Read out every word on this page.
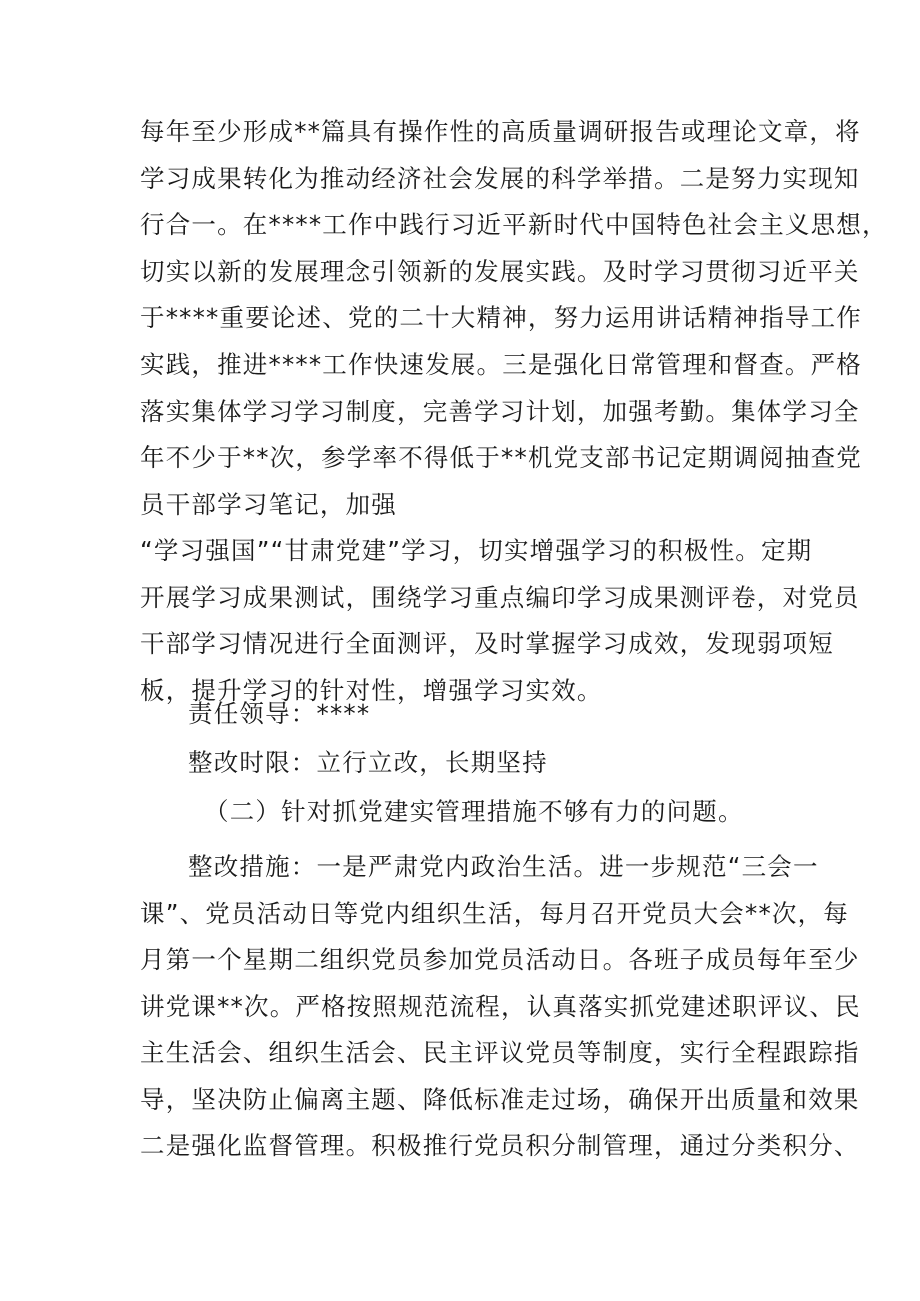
每年至少形成**篇具有操作性的高质量调研报告或理论文章，将

学习成果转化为推动经济社会发展的科学举措。二是努力实现知

行合一。在****工作中践行习近平新时代中国特色社会主义思想，

切实以新的发展理念引领新的发展实践。及时学习贯彻习近平关

于****重要论述、党的二十大精神，努力运用讲话精神指导工作

实践，推进****工作快速发展。三是强化日常管理和督查。严格

落实集体学习学习制度，完善学习计划，加强考勤。集体学习全

年不少于**次，参学率不得低于**机党支部书记定期调阅抽查党

员干部学习笔记，加强

“学习强国”“甘肃党建”学习，切实增强学习的积极性。定期

开展学习成果测试，围绕学习重点编印学习成果测评卷，对党员

干部学习情况进行全面测评，及时掌握学习成效，发现弱项短

板，提升学习的针对性，增强学习实效。

责任领导：****

整改时限：立行立改，长期坚持

（二）针对抓党建实管理措施不够有力的问题。

整改措施：一是严肃党内政治生活。进一步规范“三会一

课”、党员活动日等党内组织生活，每月召开党员大会**次，每

月第一个星期二组织党员参加党员活动日。各班子成员每年至少

讲党课**次。严格按照规范流程，认真落实抓党建述职评议、民

主生活会、组织生活会、民主评议党员等制度，实行全程跟踪指

导，坚决防止偏离主题、降低标准走过场，确保开出质量和效果

二是强化监督管理。积极推行党员积分制管理，通过分类积分、
